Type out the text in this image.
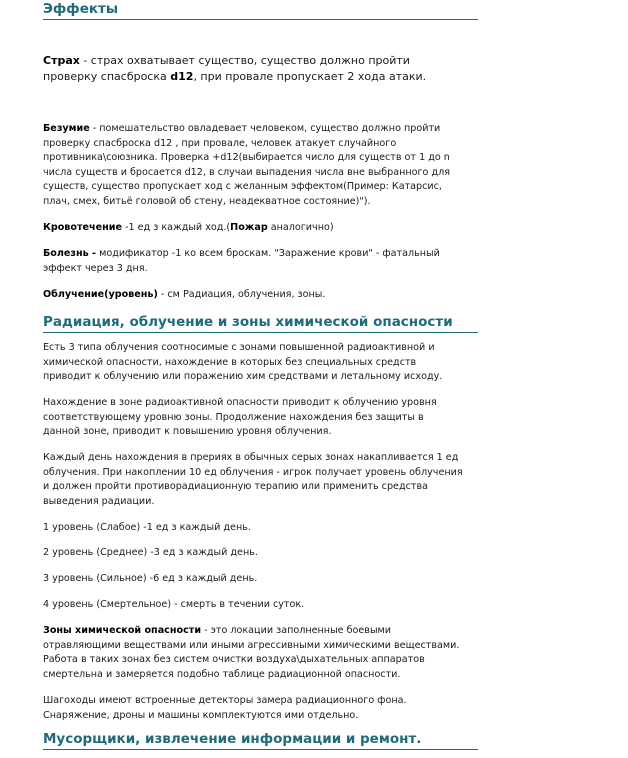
Эффекты

Страх - страх охватывает существо, существо должно пройти проверку спасброска d12, при провале пропускает 2 хода атаки.

Безумие - помешательство овладевает человеком, существо должно пройти проверку спасброска d12 , при провале, человек атакует случайного противника\союзника. Проверка +d12(выбирается число для существ от 1 до n числа существ и бросается d12, в случаи выпадения числа вне выбранного для существ, существо пропускает ход с желанным эффектом(Пример: Катарсис, плач, смех, битьё головой об стену, неадекватное состояние)").

Кровотечение -1 ед з каждый ход.(Пожар аналогично)

Болезнь - модификатор -1 ко всем броскам. "Заражение крови" - фатальный эффект через 3 дня.

Облучение(уровень) - см Радиация, облучения, зоны.

Радиация, облучение и зоны химической опасности

Есть 3 типа облучения соотносимые с зонами повышенной радиоактивной и химической опасности, нахождение в которых без специальных средств приводит к облучению или поражению хим средствами и летальному исходу.

Нахождение в зоне радиоактивной опасности приводит к облучению уровня соответствующему уровню зоны. Продолжение нахождения без защиты в данной зоне, приводит к повышению уровня облучения.

Каждый день нахождения в прериях в обычных серых зонах накапливается 1 ед облучения. При накоплении 10 ед облучения - игрок получает уровень облучения и должен пройти противорадиационную терапию или применить средства выведения радиации.

1 уровень (Слабое) -1 ед з каждый день.

2 уровень (Среднее) -3 ед з каждый день.

3 уровень (Сильное) -6 ед з каждый день.

4 уровень (Смертельное) - смерть в течении суток.

Зоны химической опасности - это локации заполненные боевыми отравляющими веществами или иными агрессивными химическими веществами. Работа в таких зонах без систем очистки воздуха\дыхательных аппаратов смертельна и замеряется подобно таблице радиационной опасности.

Шагоходы имеют встроенные детекторы замера радиационного фона. Снаряжение, дроны и машины комплектуются ими отдельно.

Мусорщики, извлечение информации и ремонт.
